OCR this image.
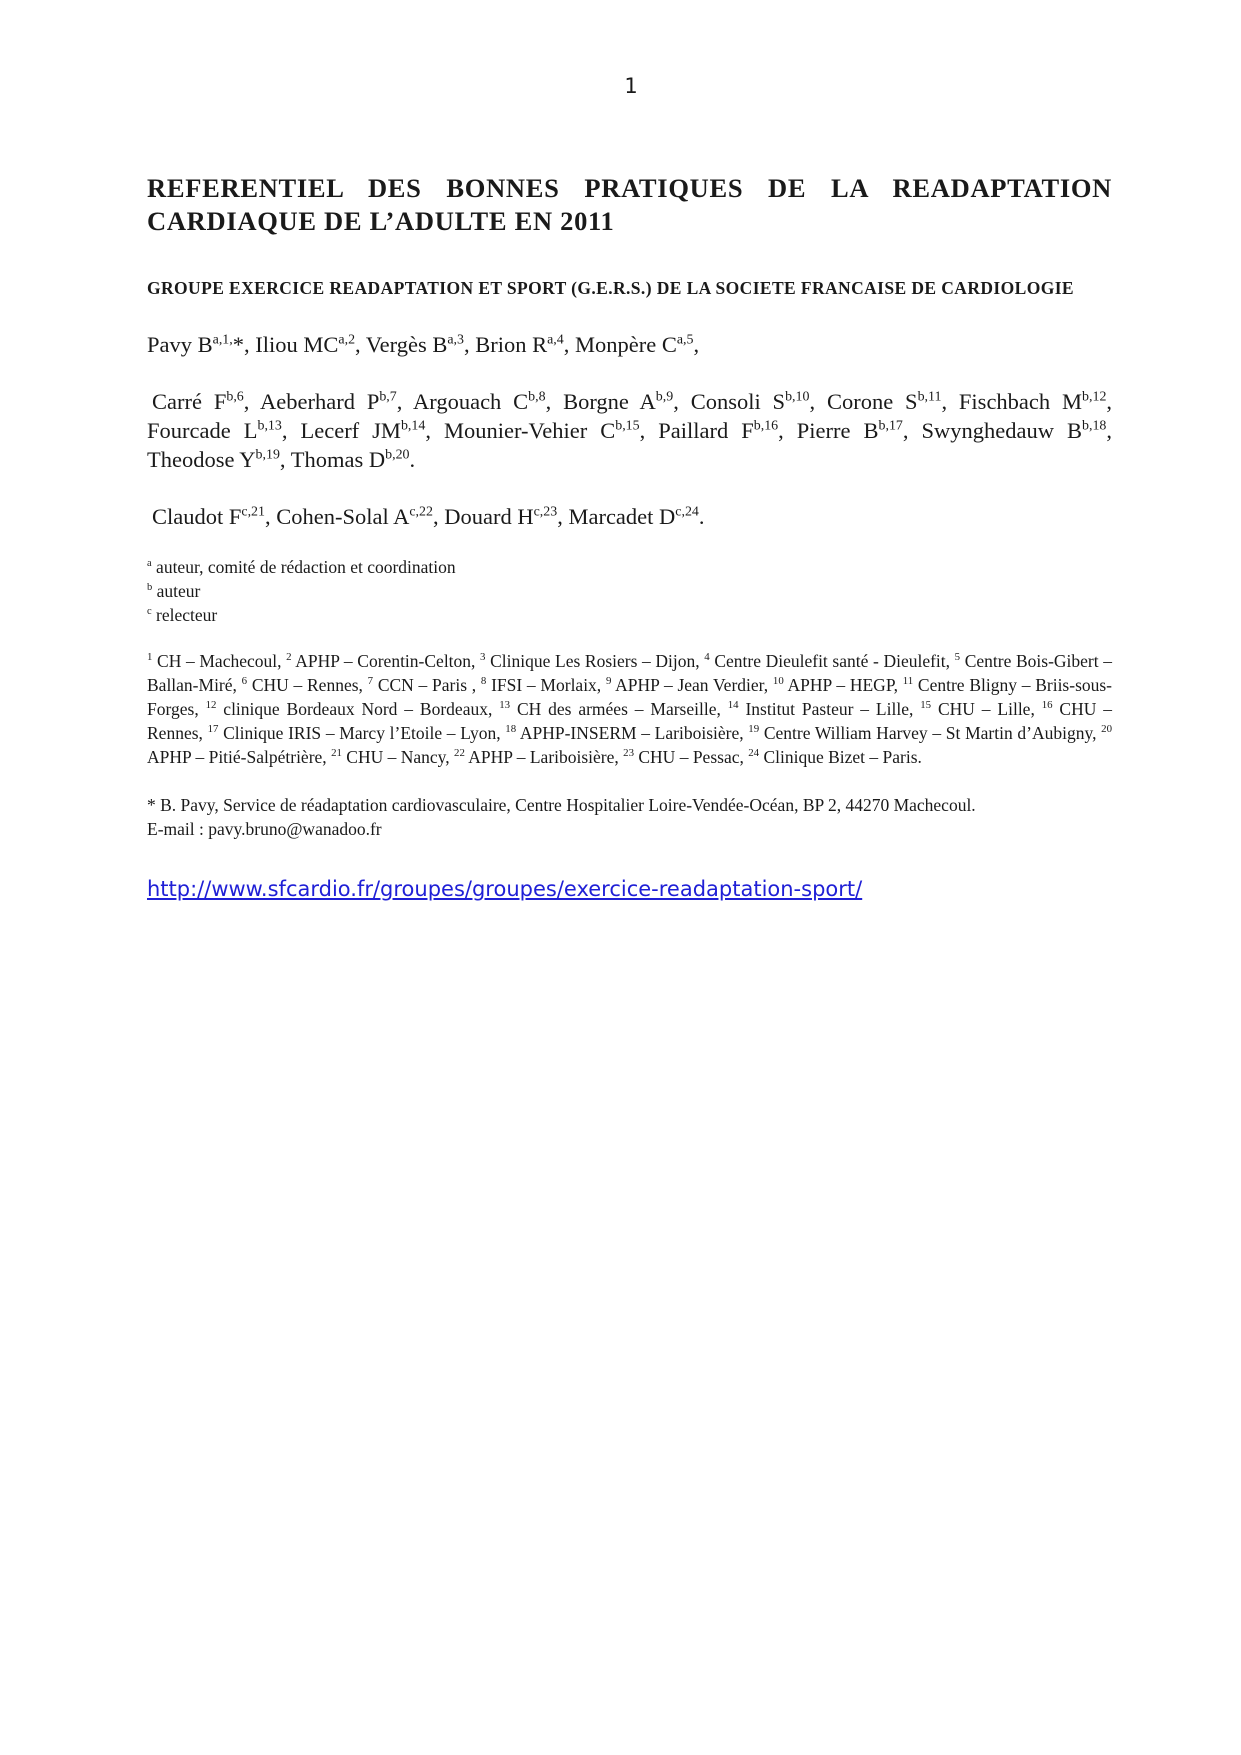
1
REFERENTIEL DES BONNES PRATIQUES DE LA READAPTATION CARDIAQUE DE L’ADULTE EN 2011

GROUPE EXERCICE READAPTATION ET SPORT (G.E.R.S.) DE LA SOCIETE FRANCAISE DE CARDIOLOGIE

Pavy $B^{a,1,}*$, Iliou MC$^{a,2}$, Vergès B$^{a,3}$, Brion R$^{a,4}$, Monpère C$^{a,5}$,

Carré F$^{b,6}$, Aeberhard P$^{b,7}$, Argouach C$^{b,8}$, Borgne A$^{b,9}$, Consoli S$^{b,10}$, Corone S$^{b,11}$, Fischbach M$^{b,12}$, Fourcade L$^{b,13}$, Lecerf JM$^{b,14}$, Mounier-Vehier C$^{b,15}$, Paillard F$^{b,16}$, Pierre B$^{b,17}$, Swynghedauw B$^{b,18}$, Theodose Y$^{b,19}$, Thomas D$^{b,20}$.

Claudot F$^{c,21}$, Cohen-Solal A$^{c,22}$, Douard H$^{c,23}$, Marcadet D$^{c,24}$.

$^a$ auteur, comité de rédaction et coordination

$^b$ auteur

$^c$ relecteur

$^1$ CH – Machecoul, $^2$ APHP – Corentin-Celton, $^3$ Clinique Les Rosiers – Dijon, $^4$ Centre Dieulefit santé - Dieulefit, $^5$ Centre Bois-Gibert – Ballan-Miré, $^6$ CHU – Rennes, $^7$ CCN – Paris , $^8$ IFSI – Morlaix, $^9$ APHP – Jean Verdier, $^{10}$ APHP – HEGP, $^{11}$ Centre Bligny – Briis-sous-Forges, $^{12}$ clinique Bordeaux Nord – Bordeaux, $^{13}$ CH des armées – Marseille, $^{14}$ Institut Pasteur – Lille, $^{15}$ CHU – Lille, $^{16}$ CHU – Rennes, $^{17}$ Clinique IRIS – Marcy l’Etoile – Lyon, $^{18}$ APHP-INSERM – Lariboisière, $^{19}$ Centre William Harvey – St Martin d’Aubigny, $^{20}$ APHP – Pitié-Salpétrière, $^{21}$ CHU – Nancy, $^{22}$ APHP – Lariboisière, $^{23}$ CHU – Pessac, $^{24}$ Clinique Bizet – Paris.

* B. Pavy, Service de réadaptation cardiovasculaire, Centre Hospitalier Loire-Vendée-Océan, BP 2, 44270 Machecoul.

E-mail : pavy.bruno@wanadoo.fr

http://www.sfcardio.fr/groupes/groupes/exercice-readaptation-sport/
